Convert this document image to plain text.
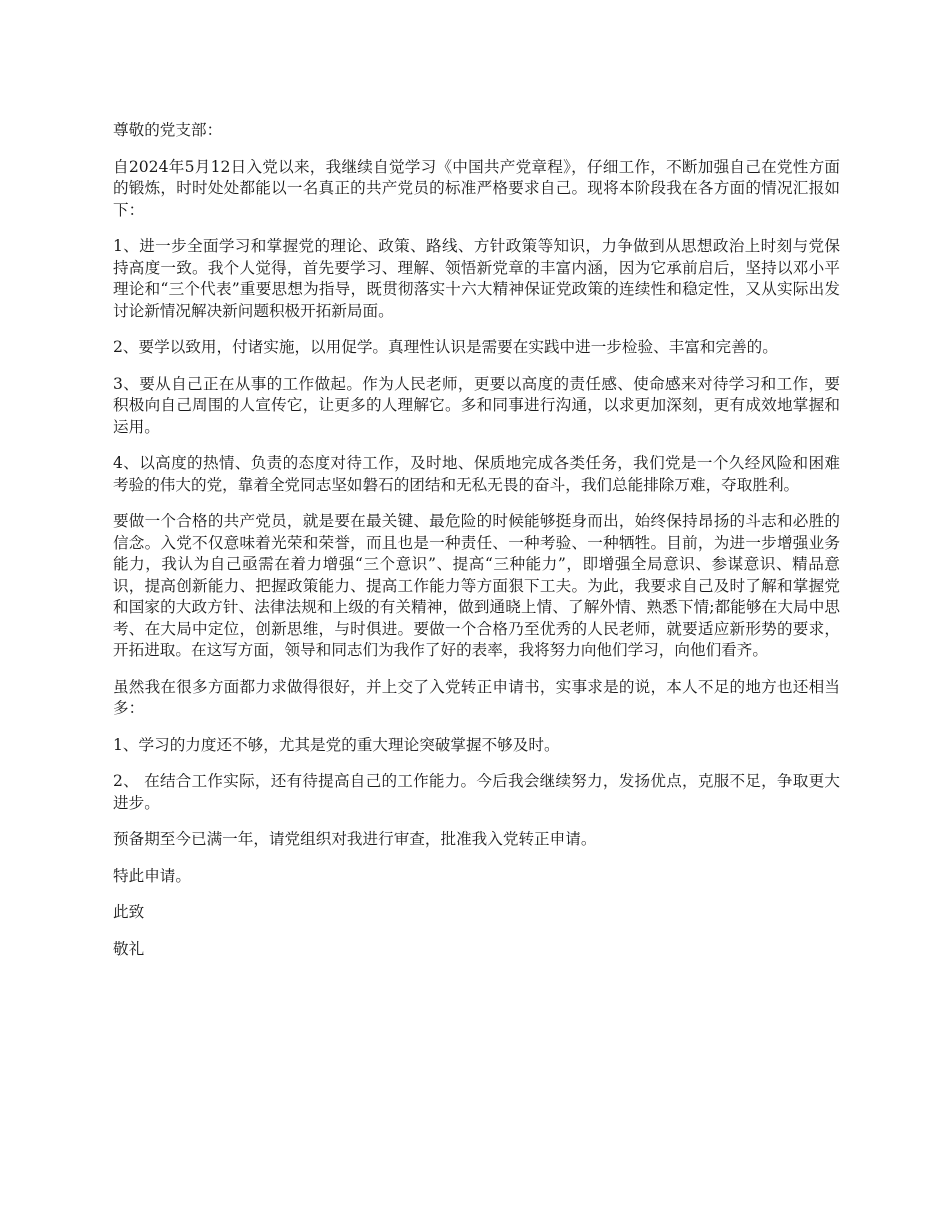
尊敬的党支部：

自2024年5月12日入党以来，我继续自觉学习《中国共产党章程》，仔细工作，不断加强自己在党性方面的锻炼，时时处处都能以一名真正的共产党员的标准严格要求自己。现将本阶段我在各方面的情况汇报如下：

1、进一步全面学习和掌握党的理论、政策、路线、方针政策等知识，力争做到从思想政治上时刻与党保持高度一致。我个人觉得，首先要学习、理解、领悟新党章的丰富内涵，因为它承前启后，坚持以邓小平理论和“三个代表”重要思想为指导，既贯彻落实十六大精神保证党政策的连续性和稳定性，又从实际出发讨论新情况解决新问题积极开拓新局面。

2、要学以致用，付诸实施，以用促学。真理性认识是需要在实践中进一步检验、丰富和完善的。

3、要从自己正在从事的工作做起。作为人民老师，更要以高度的责任感、使命感来对待学习和工作，要积极向自己周围的人宣传它，让更多的人理解它。多和同事进行沟通，以求更加深刻，更有成效地掌握和运用。

4、以高度的热情、负责的态度对待工作，及时地、保质地完成各类任务，我们党是一个久经风险和困难考验的伟大的党，靠着全党同志坚如磐石的团结和无私无畏的奋斗，我们总能排除万难，夺取胜利。

要做一个合格的共产党员，就是要在最关键、最危险的时候能够挺身而出，始终保持昂扬的斗志和必胜的信念。入党不仅意味着光荣和荣誉，而且也是一种责任、一种考验、一种牺牲。目前，为进一步增强业务能力，我认为自己亟需在着力增强“三个意识”、提高“三种能力”，即增强全局意识、参谋意识、精品意识，提高创新能力、把握政策能力、提高工作能力等方面狠下工夫。为此，我要求自己及时了解和掌握党和国家的大政方针、法律法规和上级的有关精神，做到通晓上情、了解外情、熟悉下情;都能够在大局中思考、在大局中定位，创新思维，与时俱进。要做一个合格乃至优秀的人民老师，就要适应新形势的要求，开拓进取。在这写方面，领导和同志们为我作了好的表率，我将努力向他们学习，向他们看齐。

虽然我在很多方面都力求做得很好，并上交了入党转正申请书，实事求是的说，本人不足的地方也还相当多：

1、学习的力度还不够，尤其是党的重大理论突破掌握不够及时。

2、 在结合工作实际，还有待提高自己的工作能力。今后我会继续努力，发扬优点，克服不足，争取更大进步。

预备期至今已满一年，请党组织对我进行审查，批准我入党转正申请。

特此申请。

此致

敬礼
